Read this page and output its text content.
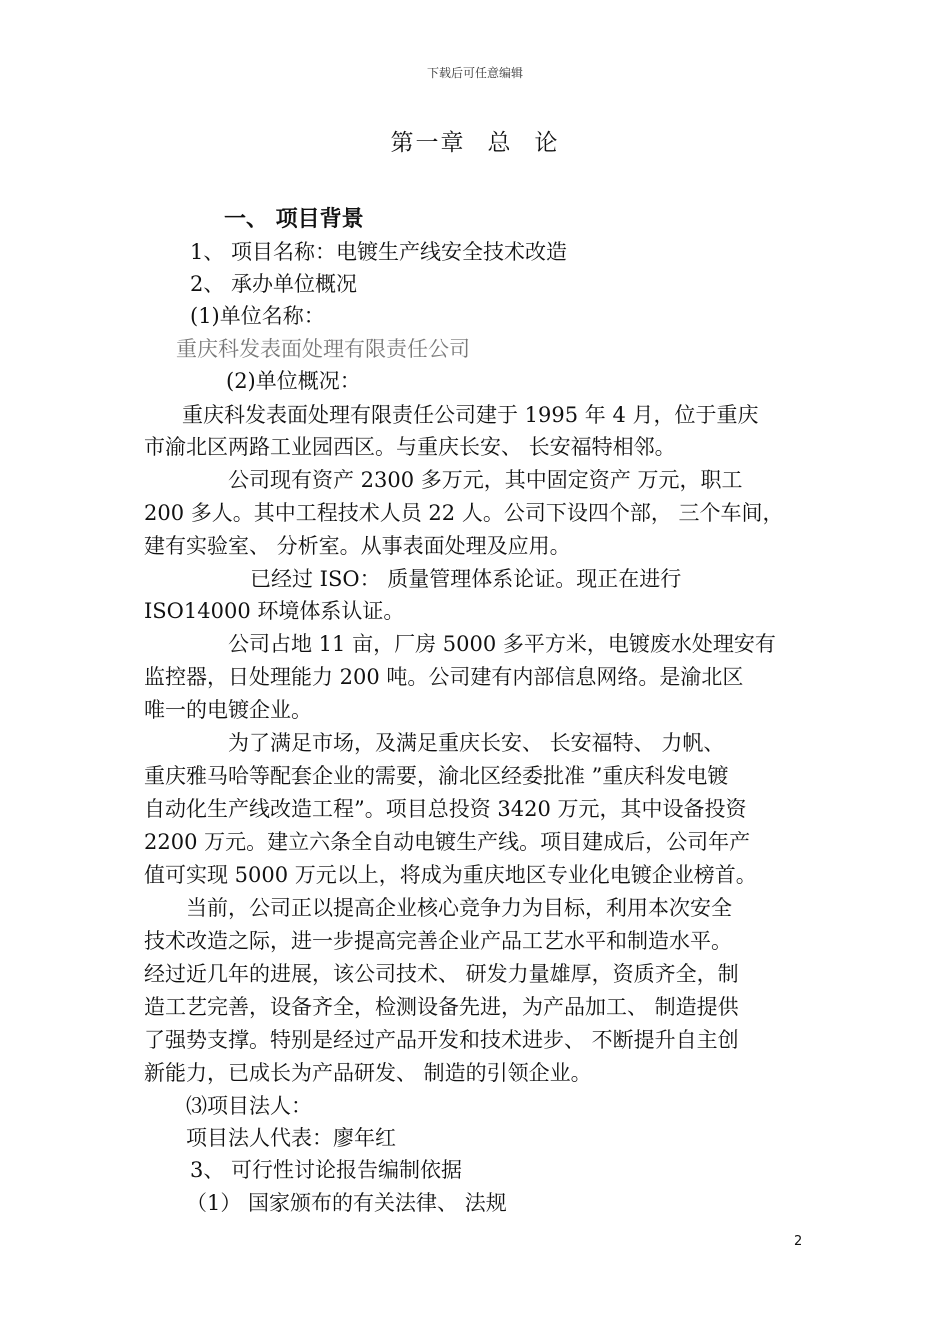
下载后可任意编辑
第一章 总 论
一、 项目背景
1、 项目名称：电镀生产线安全技术改造
2、 承办单位概况
(1)单位名称：
重庆科发表面处理有限责任公司
(2)单位概况：
重庆科发表面处理有限责任公司建于 1995 年 4 月，位于重庆
市渝北区两路工业园西区。与重庆长安、 长安福特相邻。
公司现有资产 2300 多万元，其中固定资产 万元，职工
200 多人。其中工程技术人员 22 人。公司下设四个部， 三个车间，
建有实验室、 分析室。从事表面处理及应用。
已经过 ISO： 质量管理体系论证。现正在进行
ISO14000 环境体系认证。
公司占地 11 亩，厂房 5000 多平方米，电镀废水处理安有
监控器，日处理能力 200 吨。公司建有内部信息网络。是渝北区
唯一的电镀企业。
为了满足市场，及满足重庆长安、 长安福特、 力帆、
重庆雅马哈等配套企业的需要，渝北区经委批准 ”重庆科发电镀
自动化生产线改造工程”。项目总投资 3420 万元，其中设备投资
2200 万元。建立六条全自动电镀生产线。项目建成后，公司年产
值可实现 5000 万元以上，将成为重庆地区专业化电镀企业榜首。
当前，公司正以提高企业核心竞争力为目标，利用本次安全
技术改造之际，进一步提高完善企业产品工艺水平和制造水平。
经过近几年的进展，该公司技术、 研发力量雄厚，资质齐全，制
造工艺完善，设备齐全，检测设备先进，为产品加工、 制造提供
了强势支撑。特别是经过产品开发和技术进步、 不断提升自主创
新能力，已成长为产品研发、 制造的引领企业。
⑶项目法人：
项目法人代表：廖年红
3、 可行性讨论报告编制依据
（1） 国家颁布的有关法律、 法规
2
